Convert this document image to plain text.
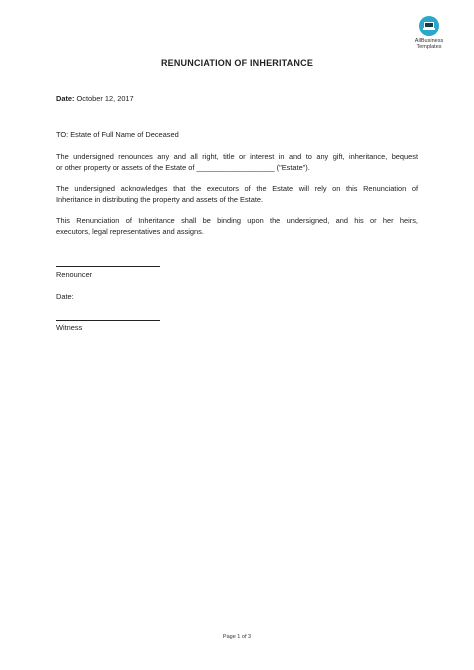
AllBusiness
Templates
RENUNCIATION OF INHERITANCE
Date: October 12, 2017
TO: Estate of Full Name of Deceased
The undersigned renounces any and all right, title or interest in and to any gift, inheritance, bequest
or other property or assets of the Estate of ___________________ ("Estate").
The undersigned acknowledges that the executors of the Estate will rely on this Renunciation of
Inheritance in distributing the property and assets of the Estate.
This Renunciation of Inheritance shall be binding upon the undersigned, and his or her heirs,
executors, legal representatives and assigns.
Renouncer
Date:
Witness
Page 1 of 3
